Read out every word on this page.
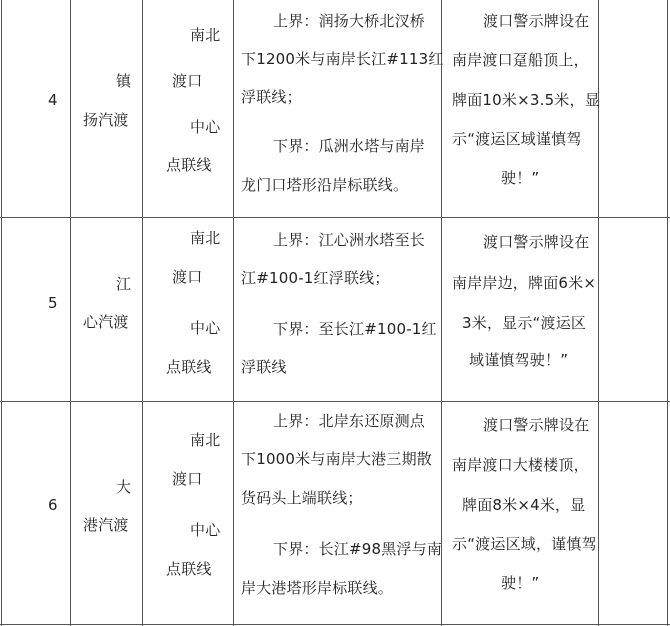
4
镇
扬汽渡
南北
渡口
中心
点联线
上界：润扬大桥北汊桥
下1200米与南岸长江#113红
浮联线；
下界：瓜洲水塔与南岸
龙门口塔形沿岸标联线。
渡口警示牌设在
南岸渡口趸船顶上，
牌面10米×3.5米，显
示“渡运区域谨慎驾
驶！”
5
江
心汽渡
南北
渡口
中心
点联线
上界：江心洲水塔至长
江#100-1红浮联线；
下界：至长江#100-1红
浮联线
渡口警示牌设在
南岸岸边，牌面6米×
3米，显示“渡运区
域谨慎驾驶！”
6
大
港汽渡
南北
渡口
中心
点联线
上界：北岸东还原测点
下1000米与南岸大港三期散
货码头上端联线；
下界：长江#98黑浮与南
岸大港塔形岸标联线。
渡口警示牌设在
南岸渡口大楼楼顶，
牌面8米×4米，显
示“渡运区域，谨慎驾
驶！”
